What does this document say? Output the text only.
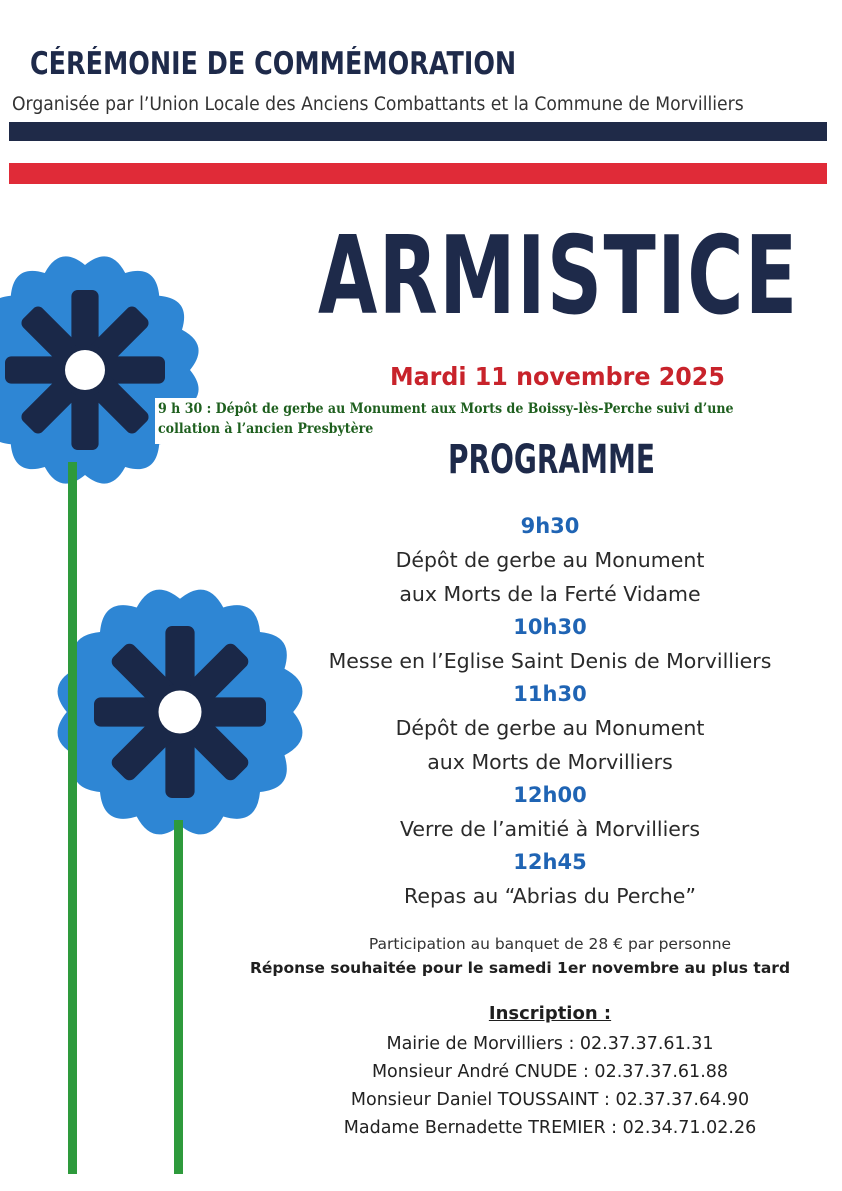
CÉRÉMONIE DE COMMÉMORATION
Organisée par l’Union Locale des Anciens Combattants et la Commune de Morvilliers
ARMISTICE
Mardi 11 novembre 2025
9 h 30 : Dépôt de gerbe au Monument aux Morts de Boissy-lès-Perche suivi d’une
collation à l’ancien Presbytère
PROGRAMME
9h30
Dépôt de gerbe au Monument
aux Morts de la Ferté Vidame
10h30
Messe en l’Eglise Saint Denis de Morvilliers
11h30
Dépôt de gerbe au Monument
aux Morts de Morvilliers
12h00
Verre de l’amitié à Morvilliers
12h45
Repas au “Abrias du Perche”
Participation au banquet de 28 € par personne
Réponse souhaitée pour le samedi 1er novembre au plus tard
Inscription :
Mairie de Morvilliers : 02.37.37.61.31
Monsieur André CNUDE : 02.37.37.61.88
Monsieur Daniel TOUSSAINT : 02.37.37.64.90
Madame Bernadette TREMIER : 02.34.71.02.26
